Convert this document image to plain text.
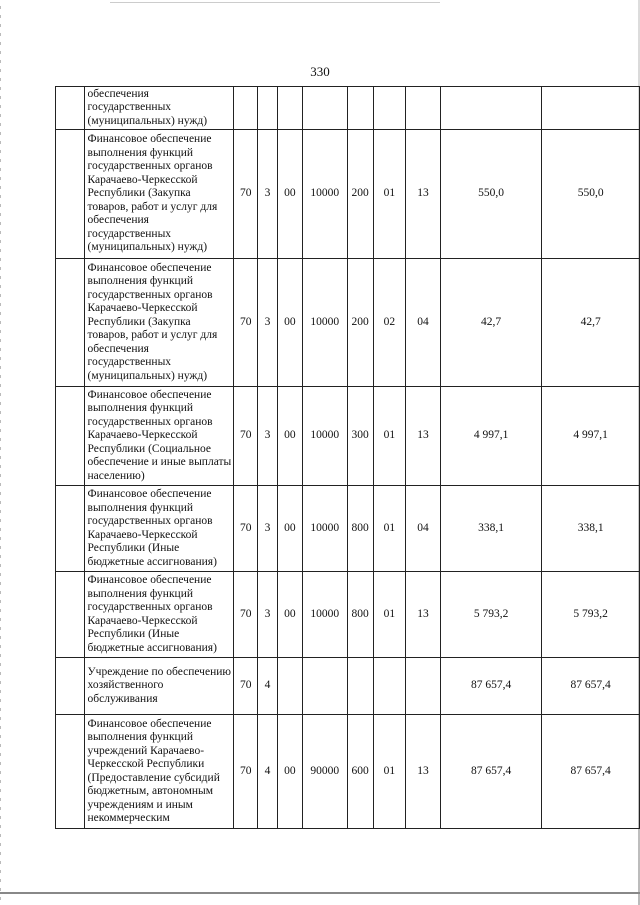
330
	обеспечения государственных (муниципальных) нужд)									
	Финансовое обеспечение выполнения функций государственных органов Карачаево-Черкесской Республики (Закупка товаров, работ и услуг для обеспечения государственных (муниципальных) нужд)	70	3	00	10000	200	01	13	550,0	550,0
	Финансовое обеспечение выполнения функций государственных органов Карачаево-Черкесской Республики (Закупка товаров, работ и услуг для обеспечения государственных (муниципальных) нужд)	70	3	00	10000	200	02	04	42,7	42,7
	Финансовое обеспечение выполнения функций государственных органов Карачаево-Черкесской Республики (Социальное обеспечение и иные выплаты населению)	70	3	00	10000	300	01	13	4 997,1	4 997,1
	Финансовое обеспечение выполнения функций государственных органов Карачаево-Черкесской Республики (Иные бюджетные ассигнования)	70	3	00	10000	800	01	04	338,1	338,1
	Финансовое обеспечение выполнения функций государственных органов Карачаево-Черкесской Республики (Иные бюджетные ассигнования)	70	3	00	10000	800	01	13	5 793,2	5 793,2
	Учреждение по обеспечению хозяйственного обслуживания	70	4						87 657,4	87 657,4
	Финансовое обеспечение выполнения функций учреждений Карачаево-Черкесской Республики (Предоставление субсидий бюджетным, автономным учреждениям и иным некоммерческим	70	4	00	90000	600	01	13	87 657,4	87 657,4
